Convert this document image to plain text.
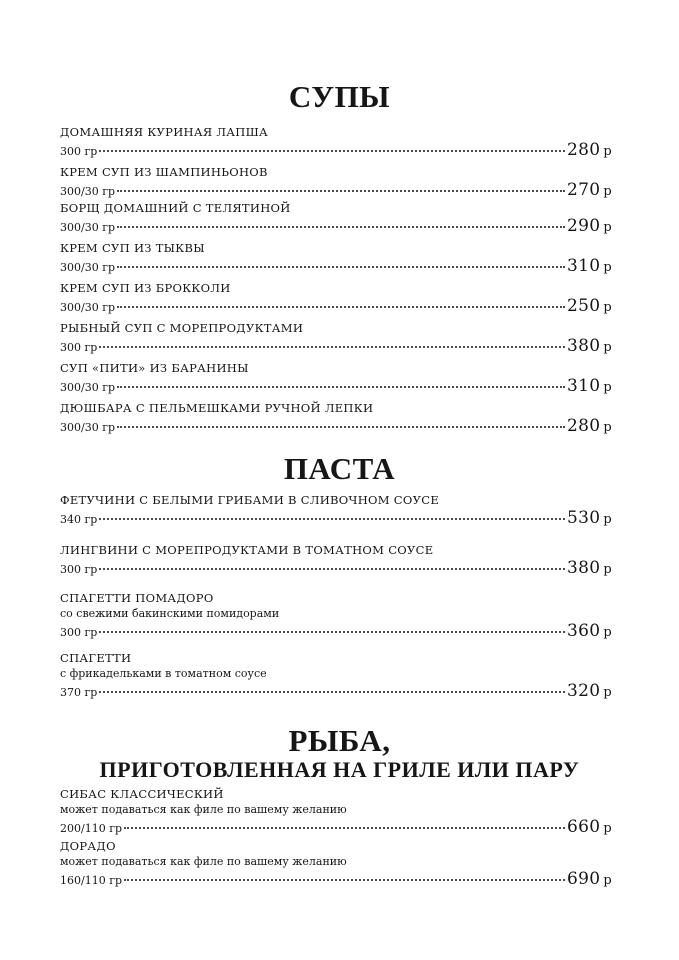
СУПЫ
ДОМАШНЯЯ КУРИНАЯ ЛАПША
300 гр	280 р
КРЕМ СУП ИЗ ШАМПИНЬОНОВ
300/30 гр	270 р
БОРЩ ДОМАШНИЙ С ТЕЛЯТИНОЙ
300/30 гр	290 р
КРЕМ СУП ИЗ ТЫКВЫ
300/30 гр	310 р
КРЕМ СУП ИЗ БРОККОЛИ
300/30 гр	250 р
РЫБНЫЙ СУП С МОРЕПРОДУКТАМИ
300 гр	380 р
СУП «ПИТИ» ИЗ БАРАНИНЫ
300/30 гр	310 р
ДЮШБАРА С ПЕЛЬМЕШКАМИ РУЧНОЙ ЛЕПКИ
300/30 гр	280 р
ПАСТА
ФЕТУЧИНИ С БЕЛЫМИ ГРИБАМИ В СЛИВОЧНОМ СОУСЕ
340 гр	530 р
ЛИНГВИНИ С МОРЕПРОДУКТАМИ В ТОМАТНОМ СОУСЕ
300 гр	380 р
СПАГЕТТИ ПОМАДОРО
со свежими бакинскими помидорами
300 гр	360 р
СПАГЕТТИ
с фрикадельками в томатном соусе
370 гр	320 р
РЫБА,
ПРИГОТОВЛЕННАЯ НА ГРИЛЕ ИЛИ ПАРУ
СИБАС КЛАССИЧЕСКИЙ
может подаваться как филе по вашему желанию
200/110 гр	660 р
ДОРАДО
может подаваться как филе по вашему желанию
160/110 гр	690 р
